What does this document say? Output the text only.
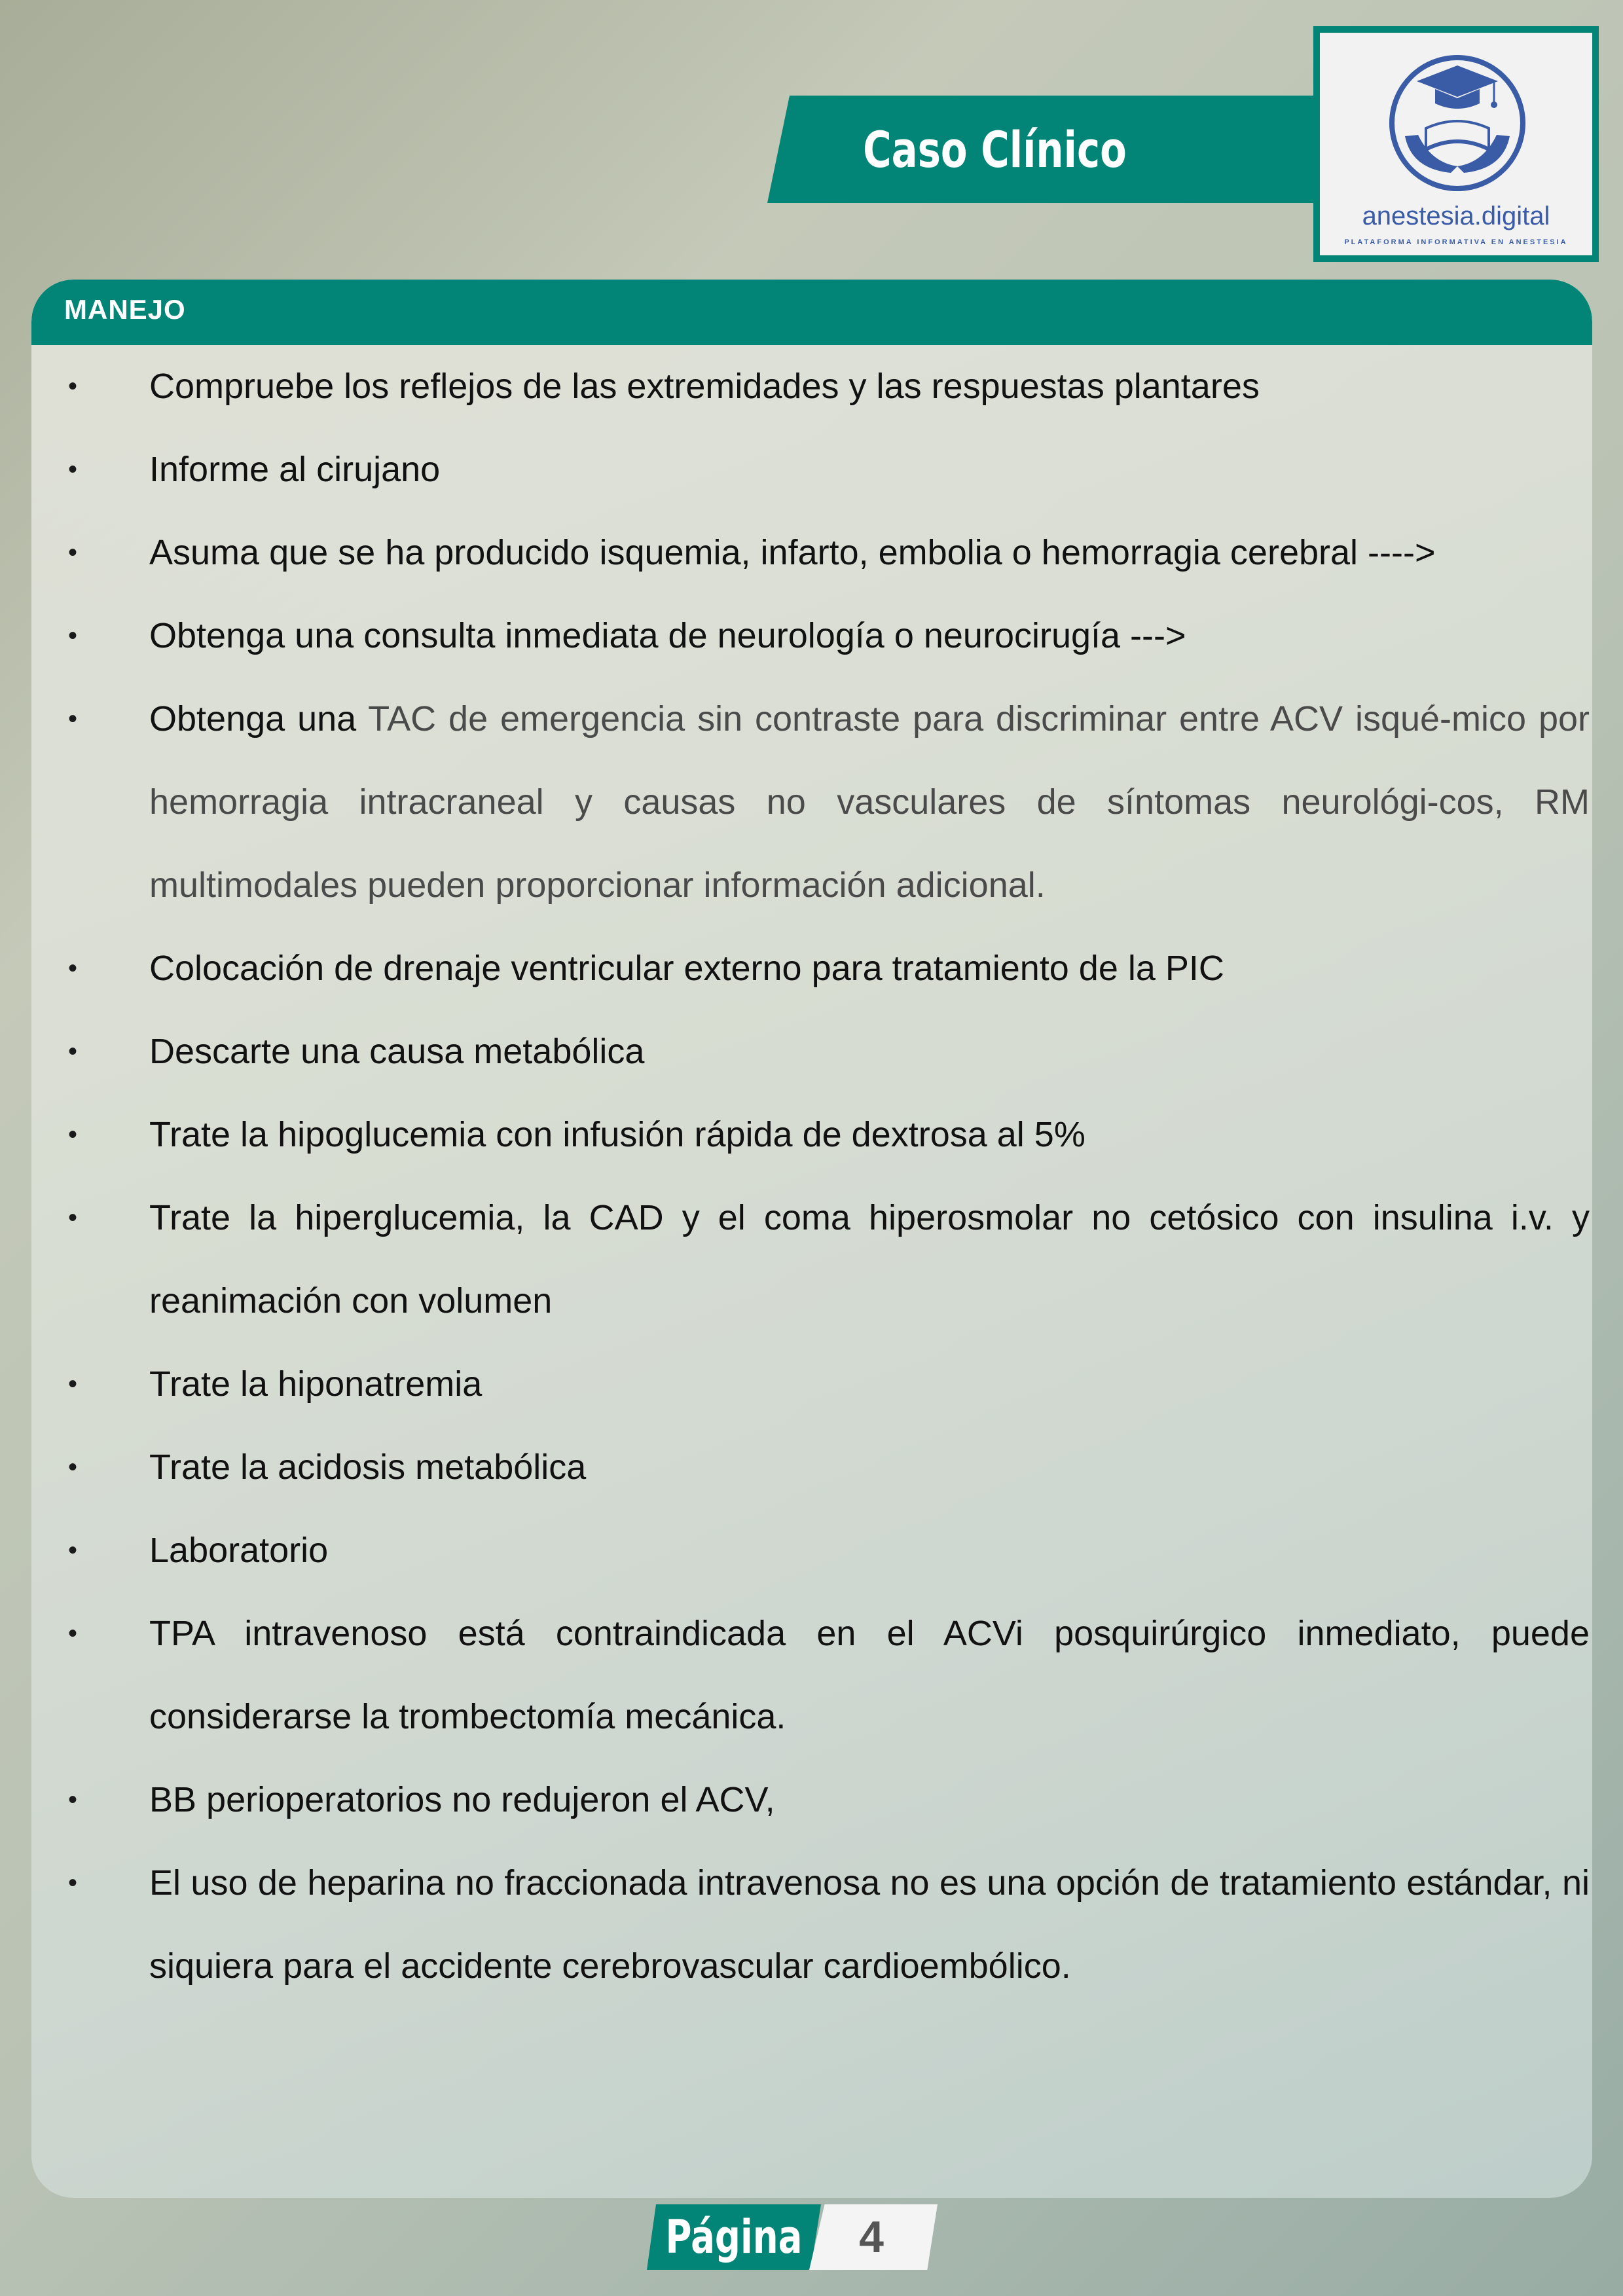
Caso Clínico
anestesia.digital
PLATAFORMA INFORMATIVA EN ANESTESIA
MANEJO
• Compruebe los reflejos de las extremidades y las respuestas plantares
• Informe al cirujano
• Asuma que se ha producido isquemia, infarto, embolia o hemorragia cerebral ---->
• Obtenga una consulta inmediata de neurología o neurocirugía --->
• Obtenga una TAC de emergencia sin contraste para discriminar entre ACV isqué-mico por hemorragia intracraneal y causas no vasculares de síntomas neurológi-cos, RM multimodales pueden proporcionar información adicional.
• Colocación de drenaje ventricular externo para tratamiento de la PIC
• Descarte una causa metabólica
• Trate la hipoglucemia con infusión rápida de dextrosa al 5%
• Trate la hiperglucemia, la CAD y el coma hiperosmolar no cetósico con insulina i.v. y reanimación con volumen
• Trate la hiponatremia
• Trate la acidosis metabólica
• Laboratorio
• TPA intravenoso está contraindicada en el ACVi posquirúrgico inmediato, puede considerarse la trombectomía mecánica.
• BB perioperatorios no redujeron el ACV,
• El uso de heparina no fraccionada intravenosa no es una opción de tratamiento estándar, ni siquiera para el accidente cerebrovascular cardioembólico.
Página	4
